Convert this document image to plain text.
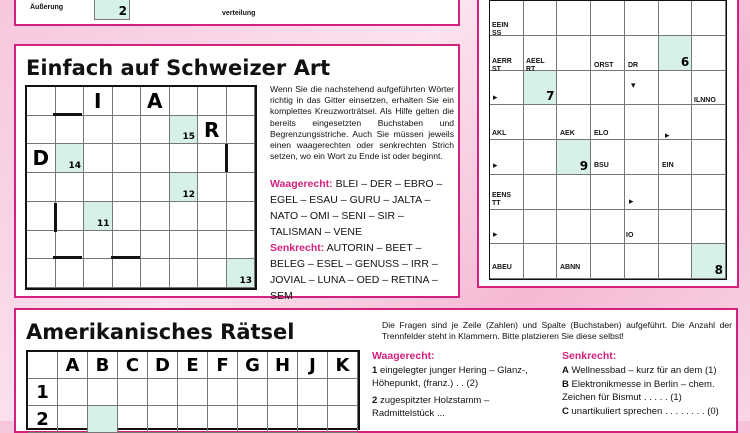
Äußerung	2	verteilung
Einfach auf Schweizer Art
I	A
15 R
D	14
12
11
13
Wenn Sie die nachstehend aufgeführten Wörter richtig in das Gitter einsetzen, erhalten Sie ein komplettes Kreuzworträtsel. Als Hilfe gelten die bereits eingesetzten Buchstaben und Begrenzungsstriche. Auch Sie müssen jeweils einen waagerechten oder senkrechten Strich setzen, wo ein Wort zu Ende ist oder beginnt.
Waagerecht: BLEI – DER – EBRO – EGEL – ESAU – GURU – JALTA – NATO – OMI – SENI – SIR – TALISMAN – VENE
Senkrecht: AUTORIN – BEET – BELEG – ESEL – GENUSS – IRR – JOVIAL – LUNA – OED – RETINA – SEM
6
7
9
8
EEIN SS
AERR ST
AEEL RT
ORST DR
ILNNO
AKL	AEK	ELO
BSU	EIN
EENS TT
IO
ABEU	ABNN
▸
▸
▸
▸
▸
▾
Amerikanisches Rätsel	Die Fragen sind je Zeile (Zahlen) und Spalte (Buchstaben) aufgeführt. Die Anzahl der Trennfelder steht in Klammern. Bitte platzieren Sie diese selbst!
A B C D E F G H	J	K
1
2
Waagerecht:
1 eingelegter junger Hering – Glanz-, Höhepunkt, (franz.) . . (2)
2 zugespitzter Holzstamm – Radmittelstück ...
Senkrecht:
A Wellnessbad – kurz für an dem (1)
B Elektronikmesse in Berlin – chem. Zeichen für Bismut . . . . . (1)
C unartikuliert sprechen . . . . . . . . (0)
